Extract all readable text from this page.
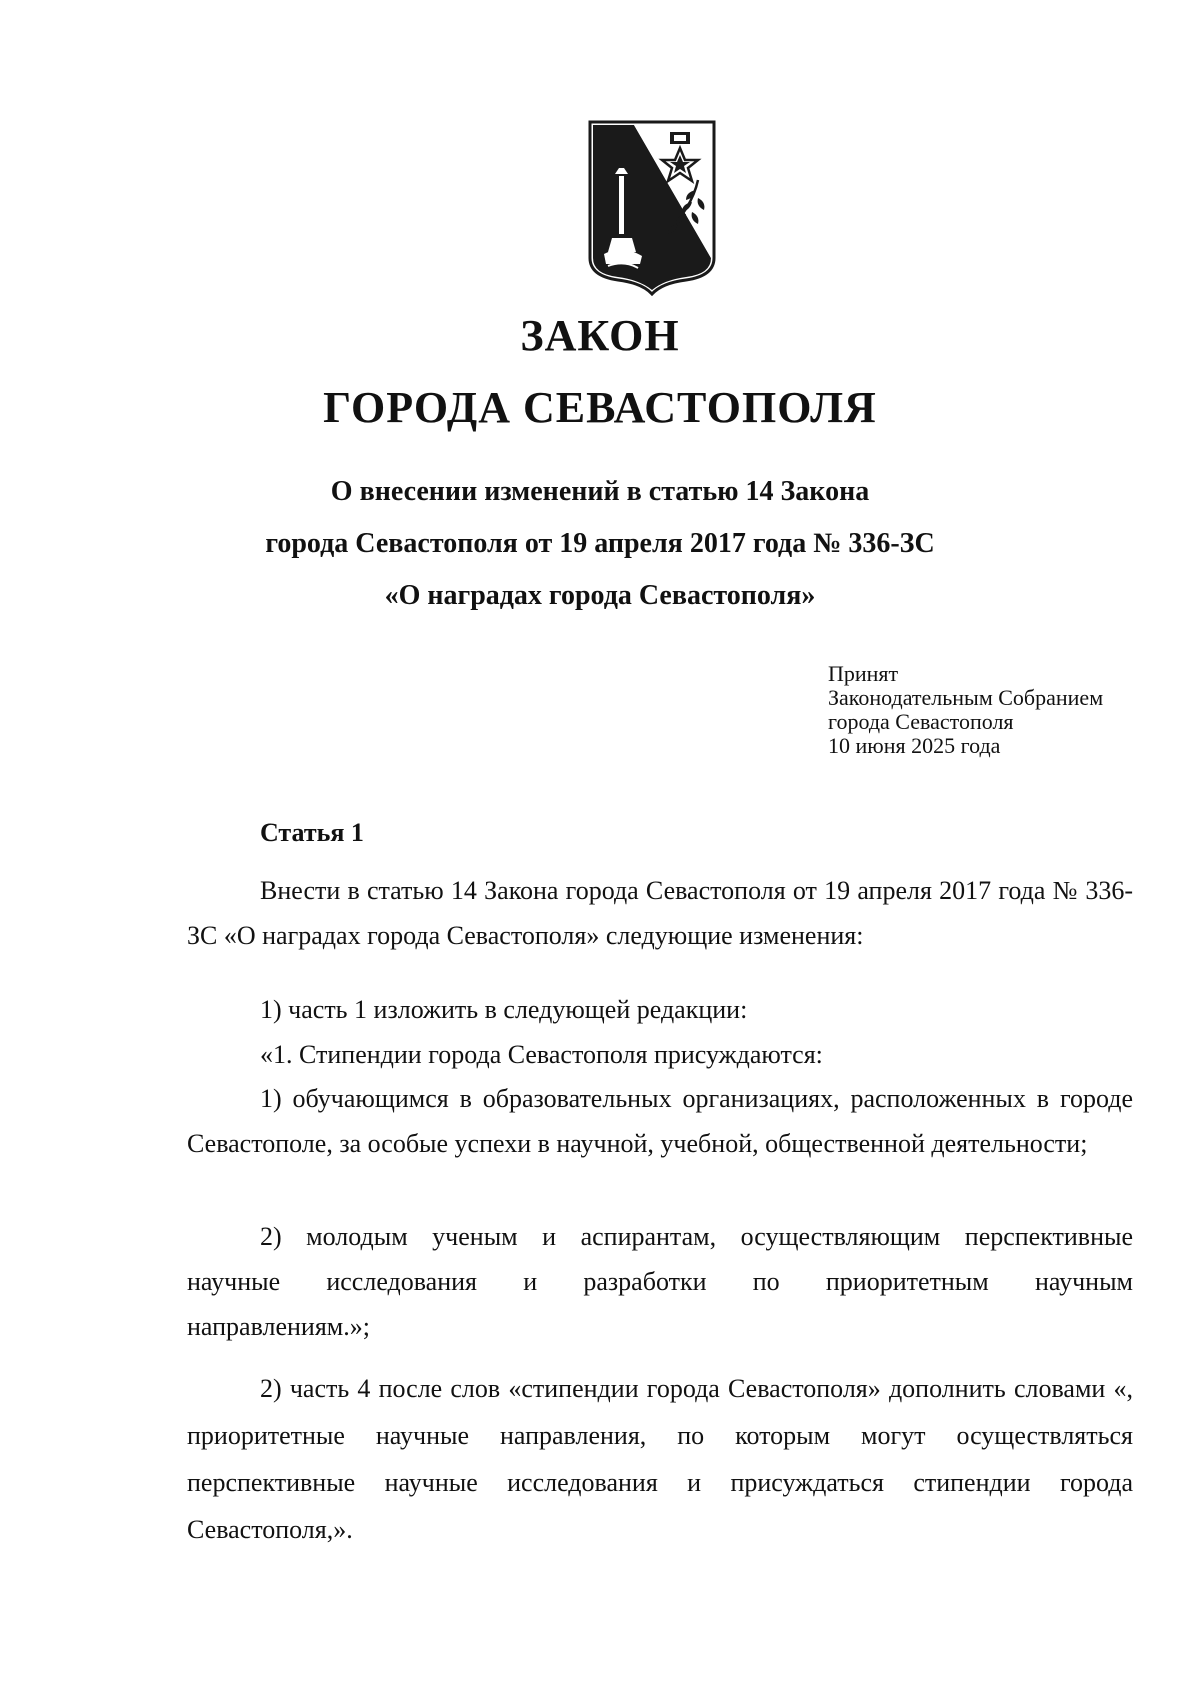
ЗАКОН
ГОРОДА СЕВАСТОПОЛЯ
О внесении изменений в статью 14 Закона
города Севастополя от 19 апреля 2017 года № 336-ЗС
«О наградах города Севастополя»
Принят
Законодательным Собранием
города Севастополя
10 июня 2025 года
Статья 1
Внести в статью 14 Закона города Севастополя от 19 апреля 2017 года № 336-ЗС «О наградах города Севастополя» следующие изменения:
1) часть 1 изложить в следующей редакции:
«1. Стипендии города Севастополя присуждаются:
1) обучающимся в образовательных организациях, расположенных в городе Севастополе, за особые успехи в научной, учебной, общественной деятельности;
2) молодым ученым и аспирантам, осуществляющим перспективные
научные исследования и разработки по приоритетным научным
направлениям.»;
2) часть 4 после слов «стипендии города Севастополя» дополнить словами «, приоритетные научные направления, по которым могут осуществляться перспективные научные исследования и присуждаться стипендии города Севастополя,».
